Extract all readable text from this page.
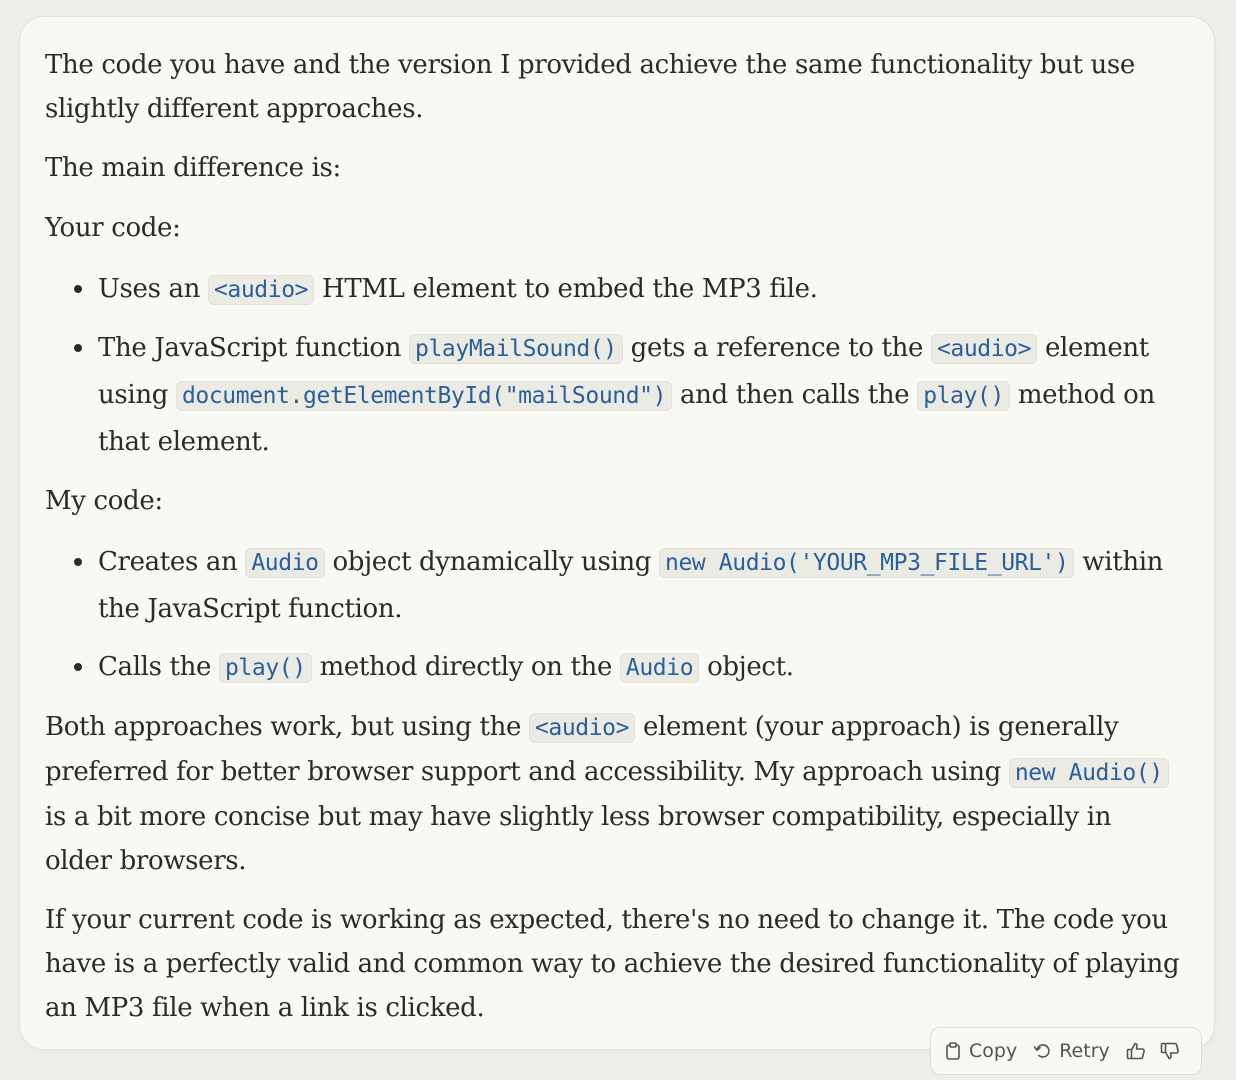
The code you have and the version I provided achieve the same functionality but use slightly different approaches.

The main difference is:

Your code:

Uses an <audio> HTML element to embed the MP3 file.
The JavaScript function playMailSound() gets a reference to the <audio> element using document.getElementById("mailSound") and then calls the play() method on that element.

My code:

Creates an Audio object dynamically using new Audio('YOUR_MP3_FILE_URL') within the JavaScript function.
Calls the play() method directly on the Audio object.

Both approaches work, but using the <audio> element (your approach) is generally preferred for better browser support and accessibility. My approach using new Audio() is a bit more concise but may have slightly less browser compatibility, especially in older browsers.

If your current code is working as expected, there's no need to change it. The code you have is a perfectly valid and common way to achieve the desired functionality of playing an MP3 file when a link is clicked.

Copy Retry
